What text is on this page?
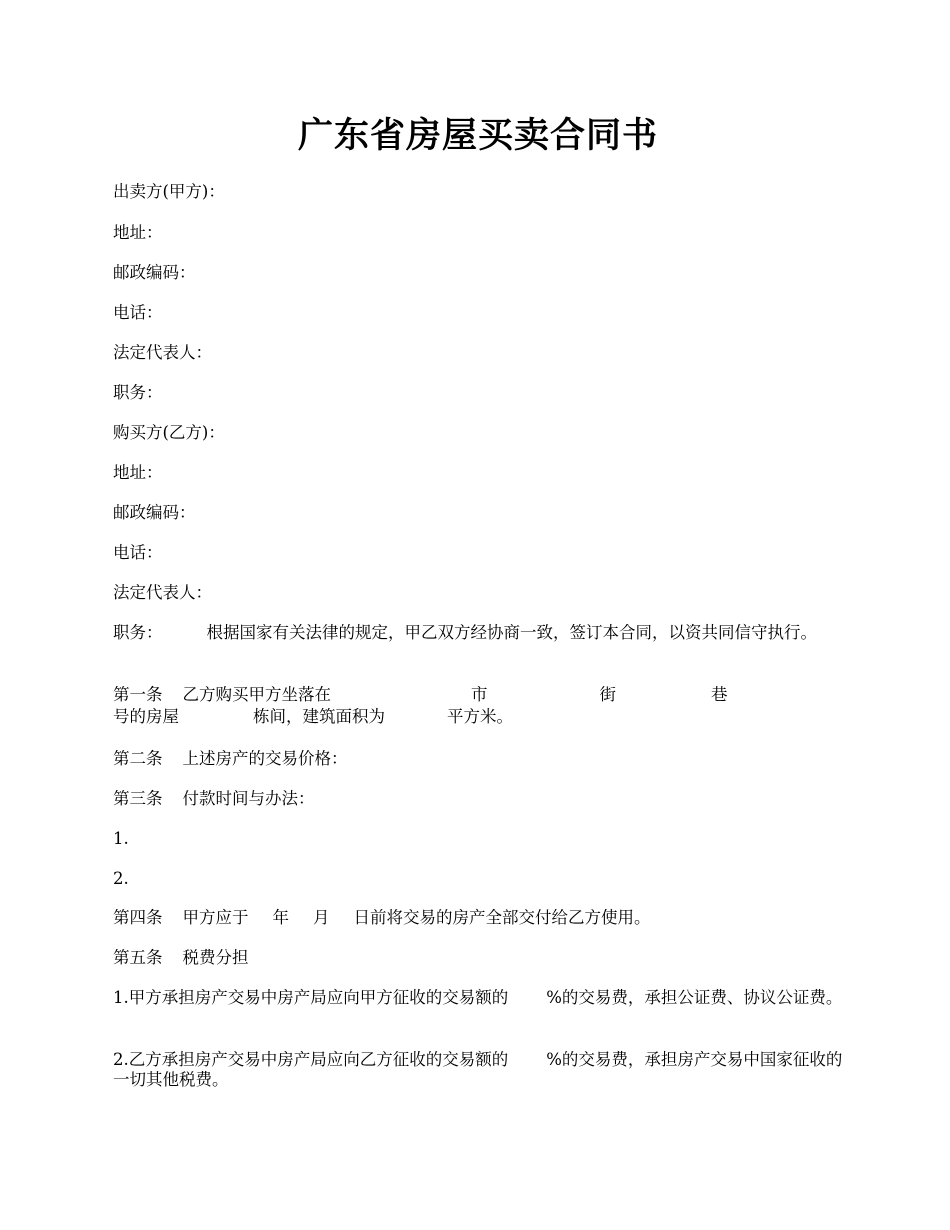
广东省房屋买卖合同书

出卖方(甲方)：

地址：

邮政编码：

电话：

法定代表人：

职务：

购买方(乙方)：

地址：

邮政编码：

电话：

法定代表人：

职务：	根据国家有关法律的规定，甲乙双方经协商一致，签订本合同，以资共同信守执行。

第一条 乙方购买甲方坐落在	市	街	巷

号的房屋	栋间，建筑面积为	平方米。

第二条 上述房产的交易价格：

第三条 付款时间与办法：

1.

2.

第四条 甲方应于 年 月 日前将交易的房产全部交付给乙方使用。

第五条 税费分担

1.甲方承担房产交易中房产局应向甲方征收的交易额的 %的交易费，承担公证费、协议公证费。

2.乙方承担房产交易中房产局应向乙方征收的交易额的 %的交易费，承担房产交易中国家征收的一切其他税费。
